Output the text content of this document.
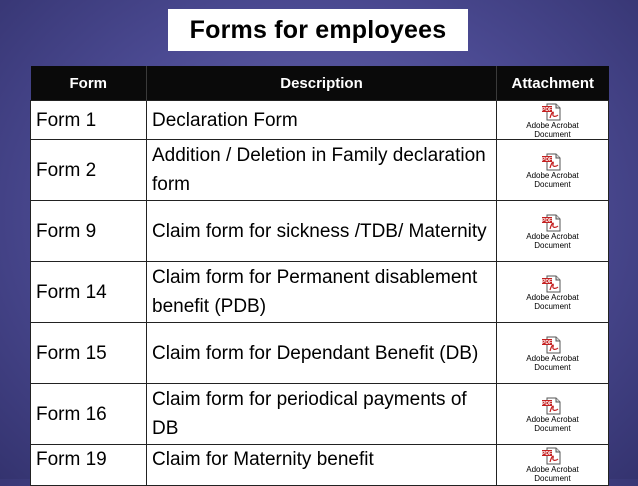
Forms for employees
Form	Description	Attachment
Form 1	Declaration Form	PDF
Adobe Acrobat
Document

Form 2	Addition / Deletion in Family declaration form	PDF
Adobe Acrobat
Document

Form 9	Claim form for sickness /TDB/ Maternity	PDF
Adobe Acrobat
Document

Form 14	Claim form for Permanent disablement benefit (PDB)	PDF
Adobe Acrobat
Document

Form 15	Claim form for Dependant Benefit (DB)	PDF
Adobe Acrobat
Document

Form 16	Claim form for periodical payments of DB	PDF
Adobe Acrobat
Document

Form 19	Claim for Maternity benefit	PDF
Adobe Acrobat
Document
